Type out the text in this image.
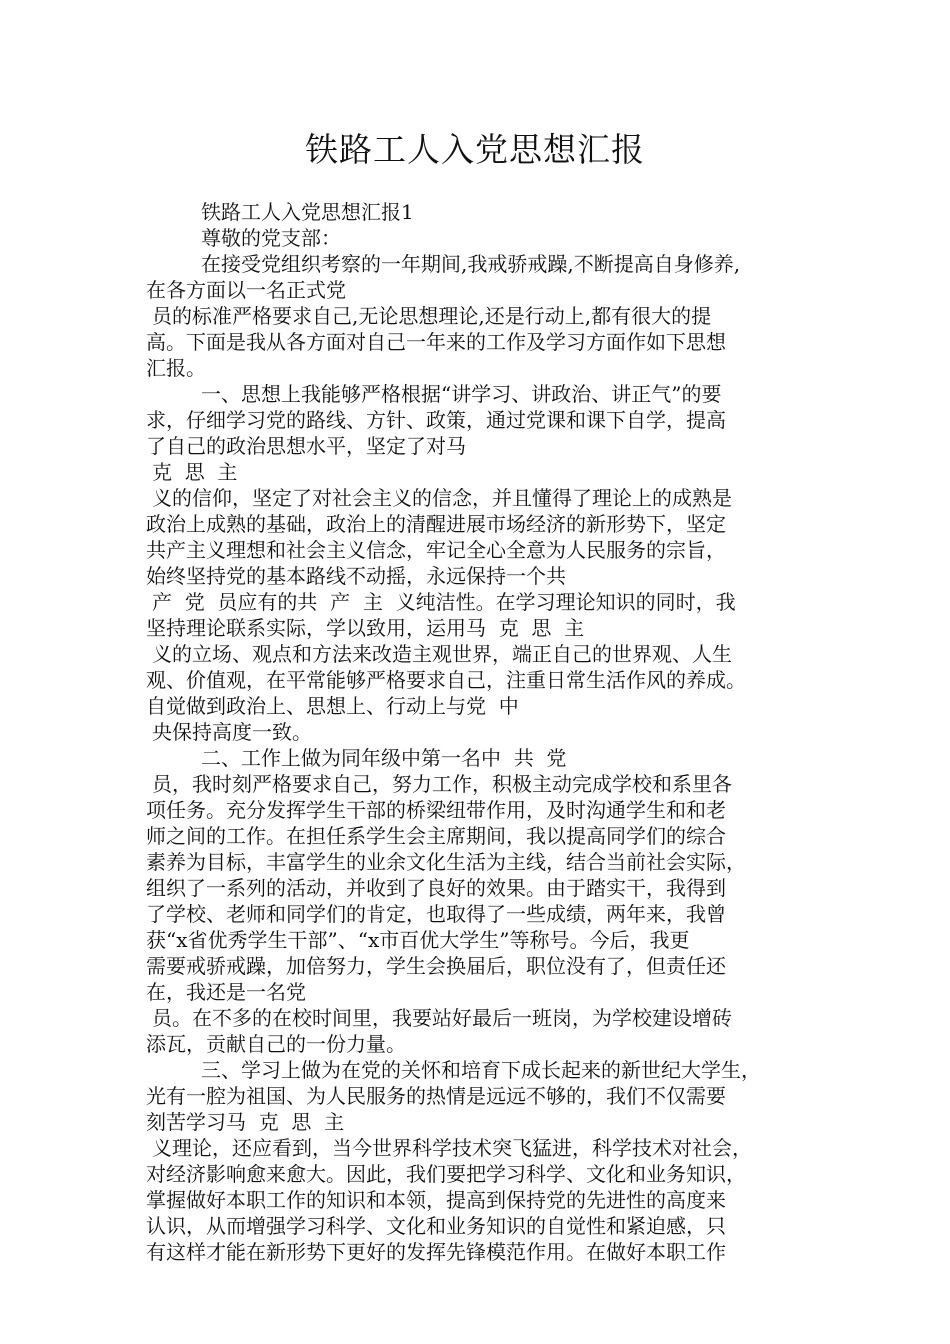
铁路工人入党思想汇报
铁路工人入党思想汇报1
尊敬的党支部：
在接受党组织考察的一年期间,我戒骄戒躁,不断提高自身修养,
在各方面以一名正式党
员的标准严格要求自己,无论思想理论,还是行动上,都有很大的提
高。下面是我从各方面对自己一年来的工作及学习方面作如下思想
汇报。
一、思想上我能够严格根据“讲学习、讲政治、讲正气”的要
求，仔细学习党的路线、方针、政策，通过党课和课下自学，提高
了自己的政治思想水平，坚定了对马
克  思  主
义的信仰，坚定了对社会主义的信念，并且懂得了理论上的成熟是
政治上成熟的基础，政治上的清醒进展市场经济的新形势下，坚定
共产主义理想和社会主义信念，牢记全心全意为人民服务的宗旨，
始终坚持党的基本路线不动摇，永远保持一个共
产  党  员应有的共  产  主  义纯洁性。在学习理论知识的同时，我
坚持理论联系实际，学以致用，运用马  克  思  主
义的立场、观点和方法来改造主观世界，端正自己的世界观、人生
观、价值观，在平常能够严格要求自己，注重日常生活作风的养成。
自觉做到政治上、思想上、行动上与党  中
央保持高度一致。
二、工作上做为同年级中第一名中  共  党
员，我时刻严格要求自己，努力工作，积极主动完成学校和系里各
项任务。充分发挥学生干部的桥梁纽带作用，及时沟通学生和和老
师之间的工作。在担任系学生会主席期间，我以提高同学们的综合
素养为目标，丰富学生的业余文化生活为主线，结合当前社会实际，
组织了一系列的活动，并收到了良好的效果。由于踏实干，我得到
了学校、老师和同学们的肯定，也取得了一些成绩，两年来，我曾
获“x省优秀学生干部”、“x市百优大学生”等称号。今后，我更
需要戒骄戒躁，加倍努力，学生会换届后，职位没有了，但责任还
在，我还是一名党
员。在不多的在校时间里，我要站好最后一班岗，为学校建设增砖
添瓦，贡献自己的一份力量。
三、学习上做为在党的关怀和培育下成长起来的新世纪大学生，
光有一腔为祖国、为人民服务的热情是远远不够的，我们不仅需要
刻苦学习马  克  思  主
义理论，还应看到，当今世界科学技术突飞猛进，科学技术对社会，
对经济影响愈来愈大。因此，我们要把学习科学、文化和业务知识，
掌握做好本职工作的知识和本领，提高到保持党的先进性的高度来
认识，从而增强学习科学、文化和业务知识的自觉性和紧迫感，只
有这样才能在新形势下更好的发挥先锋模范作用。在做好本职工作
